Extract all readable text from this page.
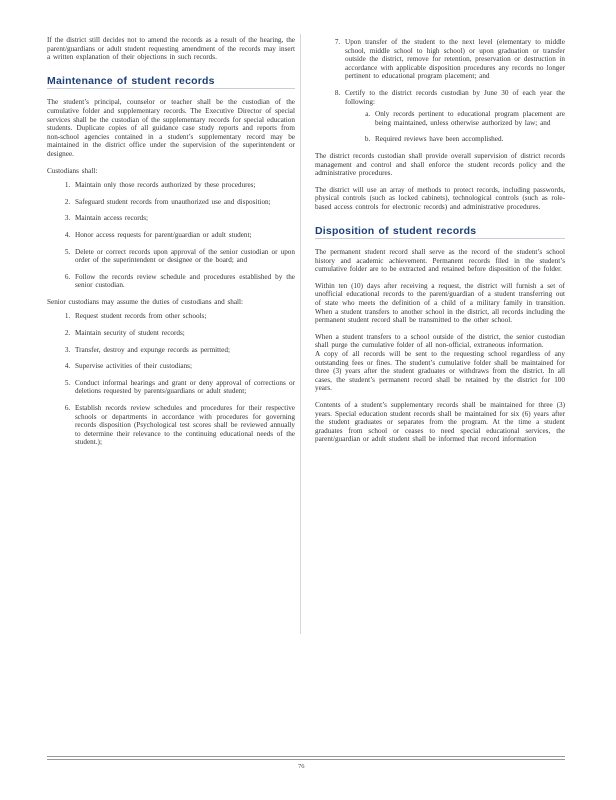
If the district still decides not to amend the records as a result of the hearing, the parent/guardians or adult student requesting amendment of the records may insert a written explanation of their objections in such records.

Maintenance of student records

The student’s principal, counselor or teacher shall be the custodian of the cumulative folder and supplementary records. The Executive Director of special services shall be the custodian of the supplementary records for special education students. Duplicate copies of all guidance case study reports and reports from non-school agencies contained in a student’s supplementary record may be maintained in the district office under the supervision of the superintendent or designee.

Custodians shall:

1. Maintain only those records authorized by these procedures;
2. Safeguard student records from unauthorized use and disposition;
3. Maintain access records;
4. Honor access requests for parent/guardian or adult student;
5. Delete or correct records upon approval of the senior custodian or upon order of the superintendent or designee or the board; and
6. Follow the records review schedule and procedures established by the senior custodian.

Senior custodians may assume the duties of custodians and shall:

1. Request student records from other schools;
2. Maintain security of student records;
3. Transfer, destroy and expunge records as permitted;
4. Supervise activities of their custodians;
5. Conduct informal hearings and grant or deny approval of corrections or deletions requested by parents/guardians or adult student;
6. Establish records review schedules and procedures for their respective schools or departments in accordance with procedures for governing records disposition (Psychological test scores shall be reviewed annually to determine their relevance to the continuing educational needs of the student.);
7. Upon transfer of the student to the next level (elementary to middle school, middle school to high school) or upon graduation or transfer outside the district, remove for retention, preservation or destruction in accordance with applicable disposition procedures any records no longer pertinent to educational program placement; and
8. Certify to the district records custodian by June 30 of each year the following:
a. Only records pertinent to educational program placement are being maintained, unless otherwise authorized by law; and
b. Required reviews have been accomplished.

The district records custodian shall provide overall supervision of district records management and control and shall enforce the student records policy and the administrative procedures.

The district will use an array of methods to protect records, including passwords, physical controls (such as locked cabinets), technological controls (such as role-based access controls for electronic records) and administrative procedures.

Disposition of student records

The permanent student record shall serve as the record of the student’s school history and academic achievement. Permanent records filed in the student’s cumulative folder are to be extracted and retained before disposition of the folder.

Within ten (10) days after receiving a request, the district will furnish a set of unofficial educational records to the parent/guardian of a student transferring out of state who meets the definition of a child of a military family in transition. When a student transfers to another school in the district, all records including the permanent student record shall be transmitted to the other school.

When a student transfers to a school outside of the district, the senior custodian shall purge the cumulative folder of all non-official, extraneous information.

A copy of all records will be sent to the requesting school regardless of any outstanding fees or fines. The student’s cumulative folder shall be maintained for three (3) years after the student graduates or withdraws from the district. In all cases, the student’s permanent record shall be retained by the district for 100 years.

Contents of a student’s supplementary records shall be maintained for three (3) years. Special education student records shall be maintained for six (6) years after the student graduates or separates from the program. At the time a student graduates from school or ceases to need special educational services, the parent/guardian or adult student shall be informed that record information

76
